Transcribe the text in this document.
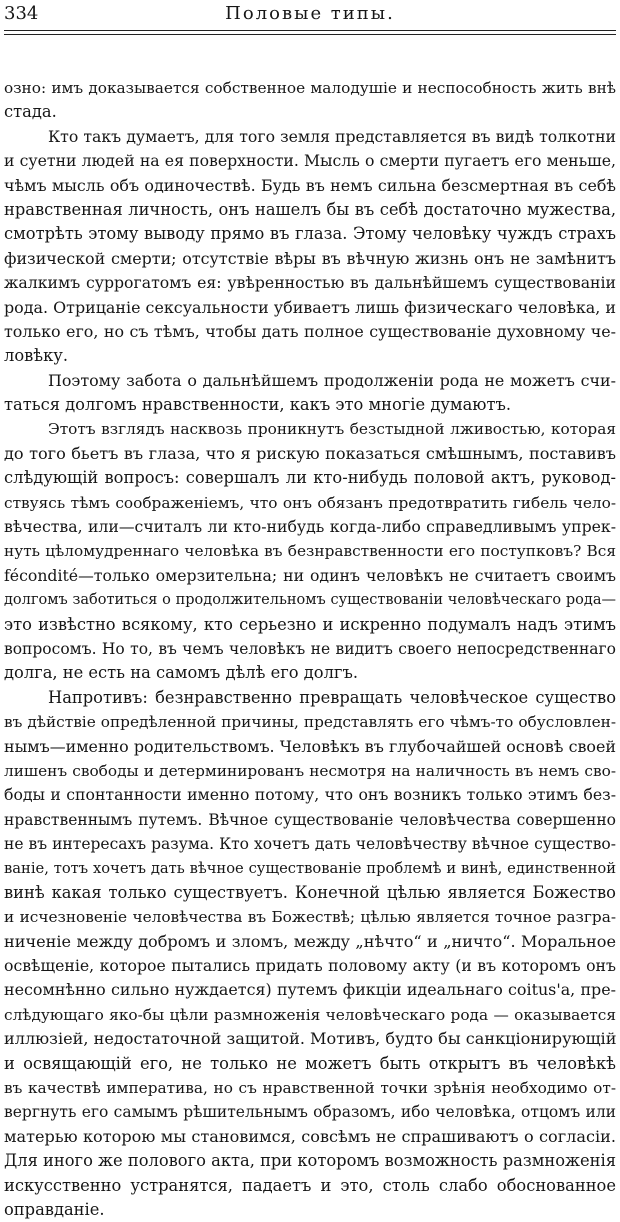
334	Половые типы.
озно: имъ доказывается собственное малодушіе и неспособность жить внѣ
стада.
Кто такъ думаетъ, для того земля представляется въ видѣ толкотни
и суетни людей на ея поверхности. Мысль о смерти пугаетъ его меньше,
чѣмъ мысль объ одиночествѣ. Будь въ немъ сильна безсмертная въ себѣ
нравственная личность, онъ нашелъ бы въ себѣ достаточно мужества,
смотрѣть этому выводу прямо въ глаза. Этому человѣку чуждъ страхъ
физической смерти; отсутствіе вѣры въ вѣчную жизнь онъ не замѣнитъ
жалкимъ суррогатомъ ея: увѣренностью въ дальнѣйшемъ существованіи
рода. Отрицаніе сексуальности убиваетъ лишь физическаго человѣка, и
только его, но съ тѣмъ, чтобы дать полное существованіе духовному че-
ловѣку.
Поэтому забота о дальнѣйшемъ продолженіи рода не можетъ счи-
таться долгомъ нравственности, какъ это многіе думаютъ.
Этотъ взглядъ насквозь проникнутъ безстыдной лживостью, которая
до того бьетъ въ глаза, что я рискую показаться смѣшнымъ, поставивъ
слѣдующій вопросъ: совершалъ ли кто-нибудь половой актъ, руковод-
ствуясь тѣмъ соображеніемъ, что онъ обязанъ предотвратить гибель чело-
вѣчества, или—считалъ ли кто-нибудь когда-либо справедливымъ упрек-
нуть цѣломудреннаго человѣка въ безнравственности его поступковъ? Вся
fécondité—только омерзительна; ни одинъ человѣкъ не считаетъ своимъ
долгомъ заботиться о продолжительномъ существованіи человѣческаго рода—
это извѣстно всякому, кто серьезно и искренно подумалъ надъ этимъ
вопросомъ. Но то, въ чемъ человѣкъ не видитъ своего непосредственнаго
долга, не есть на самомъ дѣлѣ его долгъ.
Напротивъ: безнравственно превращать человѣческое существо
въ дѣйствіе опредѣленной причины, представлять его чѣмъ-то обусловлен-
нымъ—именно родительствомъ. Человѣкъ въ глубочайшей основѣ своей
лишенъ свободы и детерминированъ несмотря на наличность въ немъ сво-
боды и спонтанности именно потому, что онъ возникъ только этимъ без-
нравственнымъ путемъ. Вѣчное существованіе человѣчества совершенно
не въ интересахъ разума. Кто хочетъ дать человѣчеству вѣчное существо-
ваніе, тотъ хочетъ дать вѣчное существованіе проблемѣ и винѣ, единственной
винѣ какая только существуетъ. Конечной цѣлью является Божество
и исчезновеніе человѣчества въ Божествѣ; цѣлью является точное разгра-
ниченіе между добромъ и зломъ, между „нѣчто“ и „ничто“. Моральное
освѣщеніе, которое пытались придать половому акту (и въ которомъ онъ
несомнѣнно сильно нуждается) путемъ фикціи идеальнаго coitus'а, пре-
слѣдующаго яко-бы цѣли размноженія человѣческаго рода — оказывается
иллюзіей, недостаточной защитой. Мотивъ, будто бы санкціонирующій
и освящающій его, не только не можетъ быть открытъ въ человѣкѣ
въ качествѣ императива, но съ нравственной точки зрѣнія необходимо от-
вергнуть его самымъ рѣшительнымъ образомъ, ибо человѣка, отцомъ или
матерью которою мы становимся, совсѣмъ не спрашиваютъ о согласіи.
Для иного же полового акта, при которомъ возможность размноженія
искусственно устранятся, падаетъ и это, столь слабо обоснованное
оправданіе.
